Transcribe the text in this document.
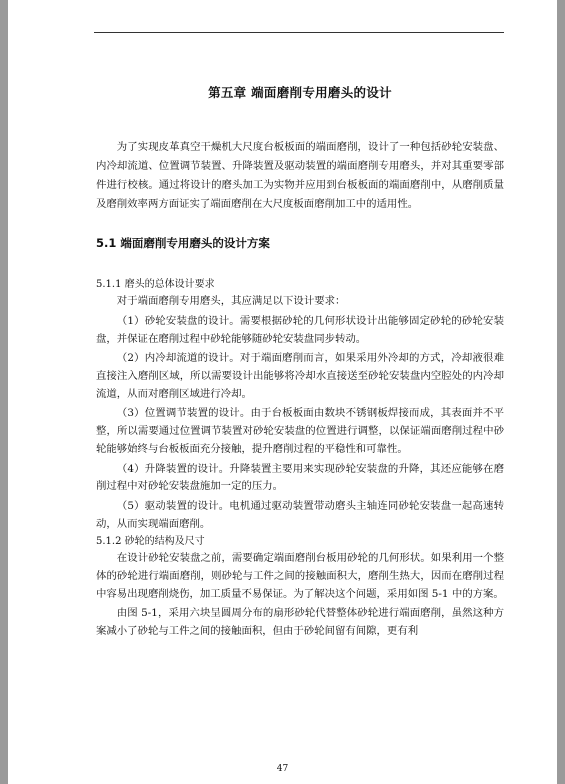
第五章 端面磨削专用磨头的设计

为了实现皮革真空干燥机大尺度台板板面的端面磨削，设计了一种包括砂轮安装盘、内冷却流道、位置调节装置、升降装置及驱动装置的端面磨削专用磨头，并对其重要零部件进行校核。通过将设计的磨头加工为实物并应用到台板板面的端面磨削中，从磨削质量及磨削效率两方面证实了端面磨削在大尺度板面磨削加工中的适用性。

5.1 端面磨削专用磨头的设计方案
5.1.1 磨头的总体设计要求

对于端面磨削专用磨头，其应满足以下设计要求：

（1）砂轮安装盘的设计。需要根据砂轮的几何形状设计出能够固定砂轮的砂轮安装盘，并保证在磨削过程中砂轮能够随砂轮安装盘同步转动。

（2）内冷却流道的设计。对于端面磨削而言，如果采用外冷却的方式，冷却液很难直接注入磨削区域，所以需要设计出能够将冷却水直接送至砂轮安装盘内空腔处的内冷却流道，从而对磨削区域进行冷却。

（3）位置调节装置的设计。由于台板板面由数块不锈钢板焊接而成，其表面并不平整，所以需要通过位置调节装置对砂轮安装盘的位置进行调整，以保证端面磨削过程中砂轮能够始终与台板板面充分接触，提升磨削过程的平稳性和可靠性。

（4）升降装置的设计。升降装置主要用来实现砂轮安装盘的升降，其还应能够在磨削过程中对砂轮安装盘施加一定的压力。

（5）驱动装置的设计。电机通过驱动装置带动磨头主轴连同砂轮安装盘一起高速转动，从而实现端面磨削。

5.1.2 砂轮的结构及尺寸

在设计砂轮安装盘之前，需要确定端面磨削台板用砂轮的几何形状。如果利用一个整体的砂轮进行端面磨削，则砂轮与工件之间的接触面积大，磨削生热大，因而在磨削过程中容易出现磨削烧伤，加工质量不易保证。为了解决这个问题，采用如图 5-1 中的方案。

由图 5-1，采用六块呈圆周分布的扇形砂轮代替整体砂轮进行端面磨削，虽然这种方案减小了砂轮与工件之间的接触面积，但由于砂轮间留有间隙，更有利

47
